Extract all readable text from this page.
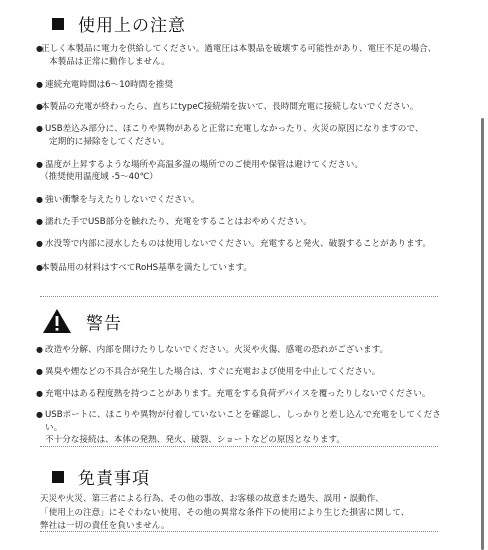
使用上の注意
●
正しく本製品に電力を供給してください。過電圧は本製品を破壊する可能性があり、電圧不足の場合、
本製品は正常に動作しません。
● 連続充電時間は6〜10時間を推奨
●
本製品の充電が終わったら、直ちにtypeC接続端を抜いて、長時間充電に接続しないでください。
● USB差込み部分に、ほこりや異物があると正常に充電しなかったり、火災の原因になりますので、
定期的に掃除をしてください。
● 温度が上昇するような場所や高温多湿の場所でのご使用や保管は避けてください。
（推奨使用温度域 -5〜40℃）
● 強い衝撃を与えたりしないでください。
● 濡れた手でUSB部分を触れたり、充電をすることはおやめください。
● 水没等で内部に浸水したものは使用しないでください。充電すると発火、破裂することがあります。
●
本製品用の材料はすべてRoHS基準を満たしています。
警告
● 改造や分解、内部を開けたりしないでください。火災や火傷、感電の恐れがございます。
● 異臭や煙などの不具合が発生した場合は、すぐに充電および使用を中止してください。
● 充電中はある程度熱を持つことがあります。充電をする負荷デバイスを覆ったりしないでください。
● USBポートに、ほこりや異物が付着していないことを確認し、しっかりと差し込んで充電をしてください。
不十分な接続は、本体の発熱、発火、破裂、ショートなどの原因となります。
免責事項
天災や火災、第三者による行為、その他の事故、お客様の故意また過失、誤用・誤動作、
「使用上の注意」にそぐわない使用、その他の異常な条件下の使用により生じた損害に関して、
弊社は一切の責任を負いません。
